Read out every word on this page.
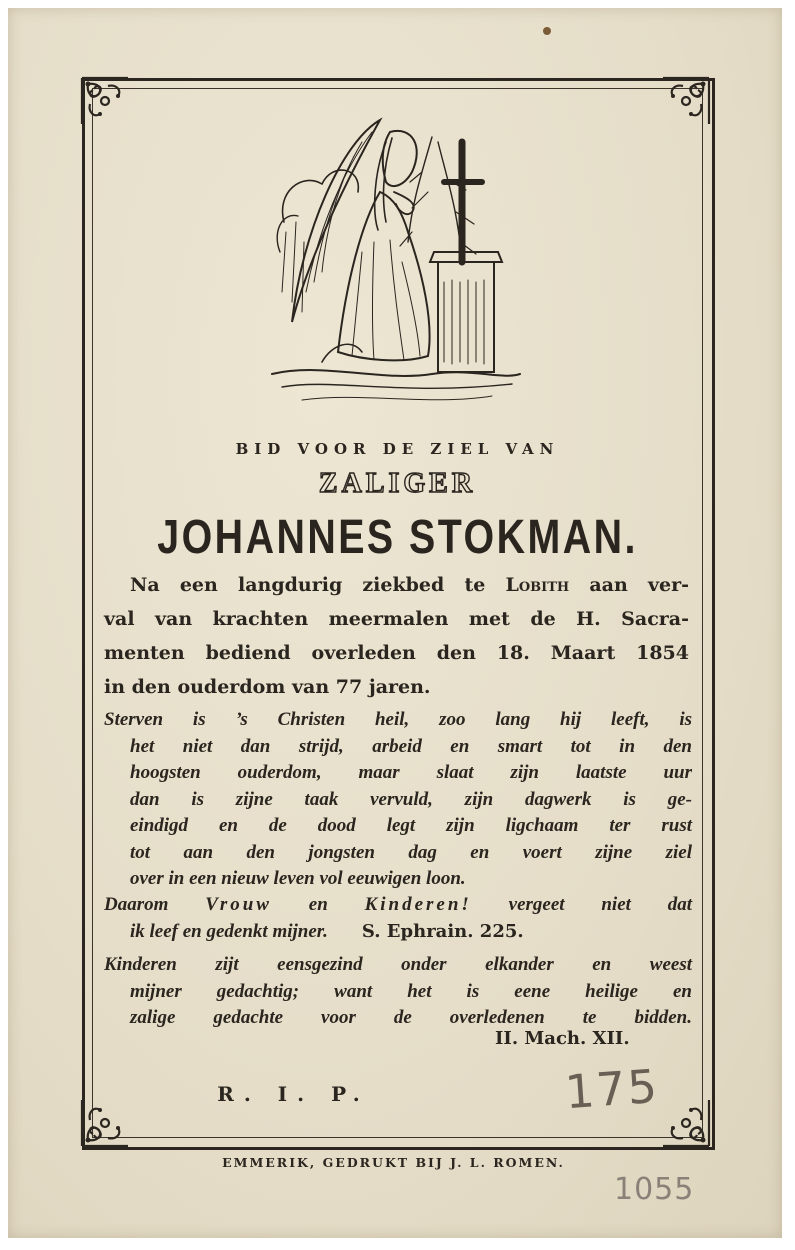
BID VOOR DE ZIEL VAN
ZALIGER
JOHANNES STOKMAN.
Na een langdurig ziekbed te Lobith aan ver-
val van krachten meermalen met de H. Sacra-
menten bediend overleden den 18. Maart 1854
in den ouderdom van 77 jaren.
Sterven is ’s Christen heil, zoo lang hij leeft, is
het niet dan strijd, arbeid en smart tot in den
hoogsten ouderdom, maar slaat zijn laatste uur
dan is zijne taak vervuld, zijn dagwerk is ge-
eindigd en de dood legt zijn ligchaam ter rust
tot aan den jongsten dag en voert zijne ziel
over in een nieuw leven vol eeuwigen loon.
Daarom Vrouw en Kinderen! vergeet niet dat
ik leef en gedenkt mijner. S. Ephrain. 225.
Kinderen zijt eensgezind onder elkander en weest
mijner gedachtig; want het is eene heilige en
zalige gedachte voor de overledenen te bidden.
II. Mach. XII.
R. I. P.	175
EMMERIK, GEDRUKT BIJ J. L. ROMEN.
1055
